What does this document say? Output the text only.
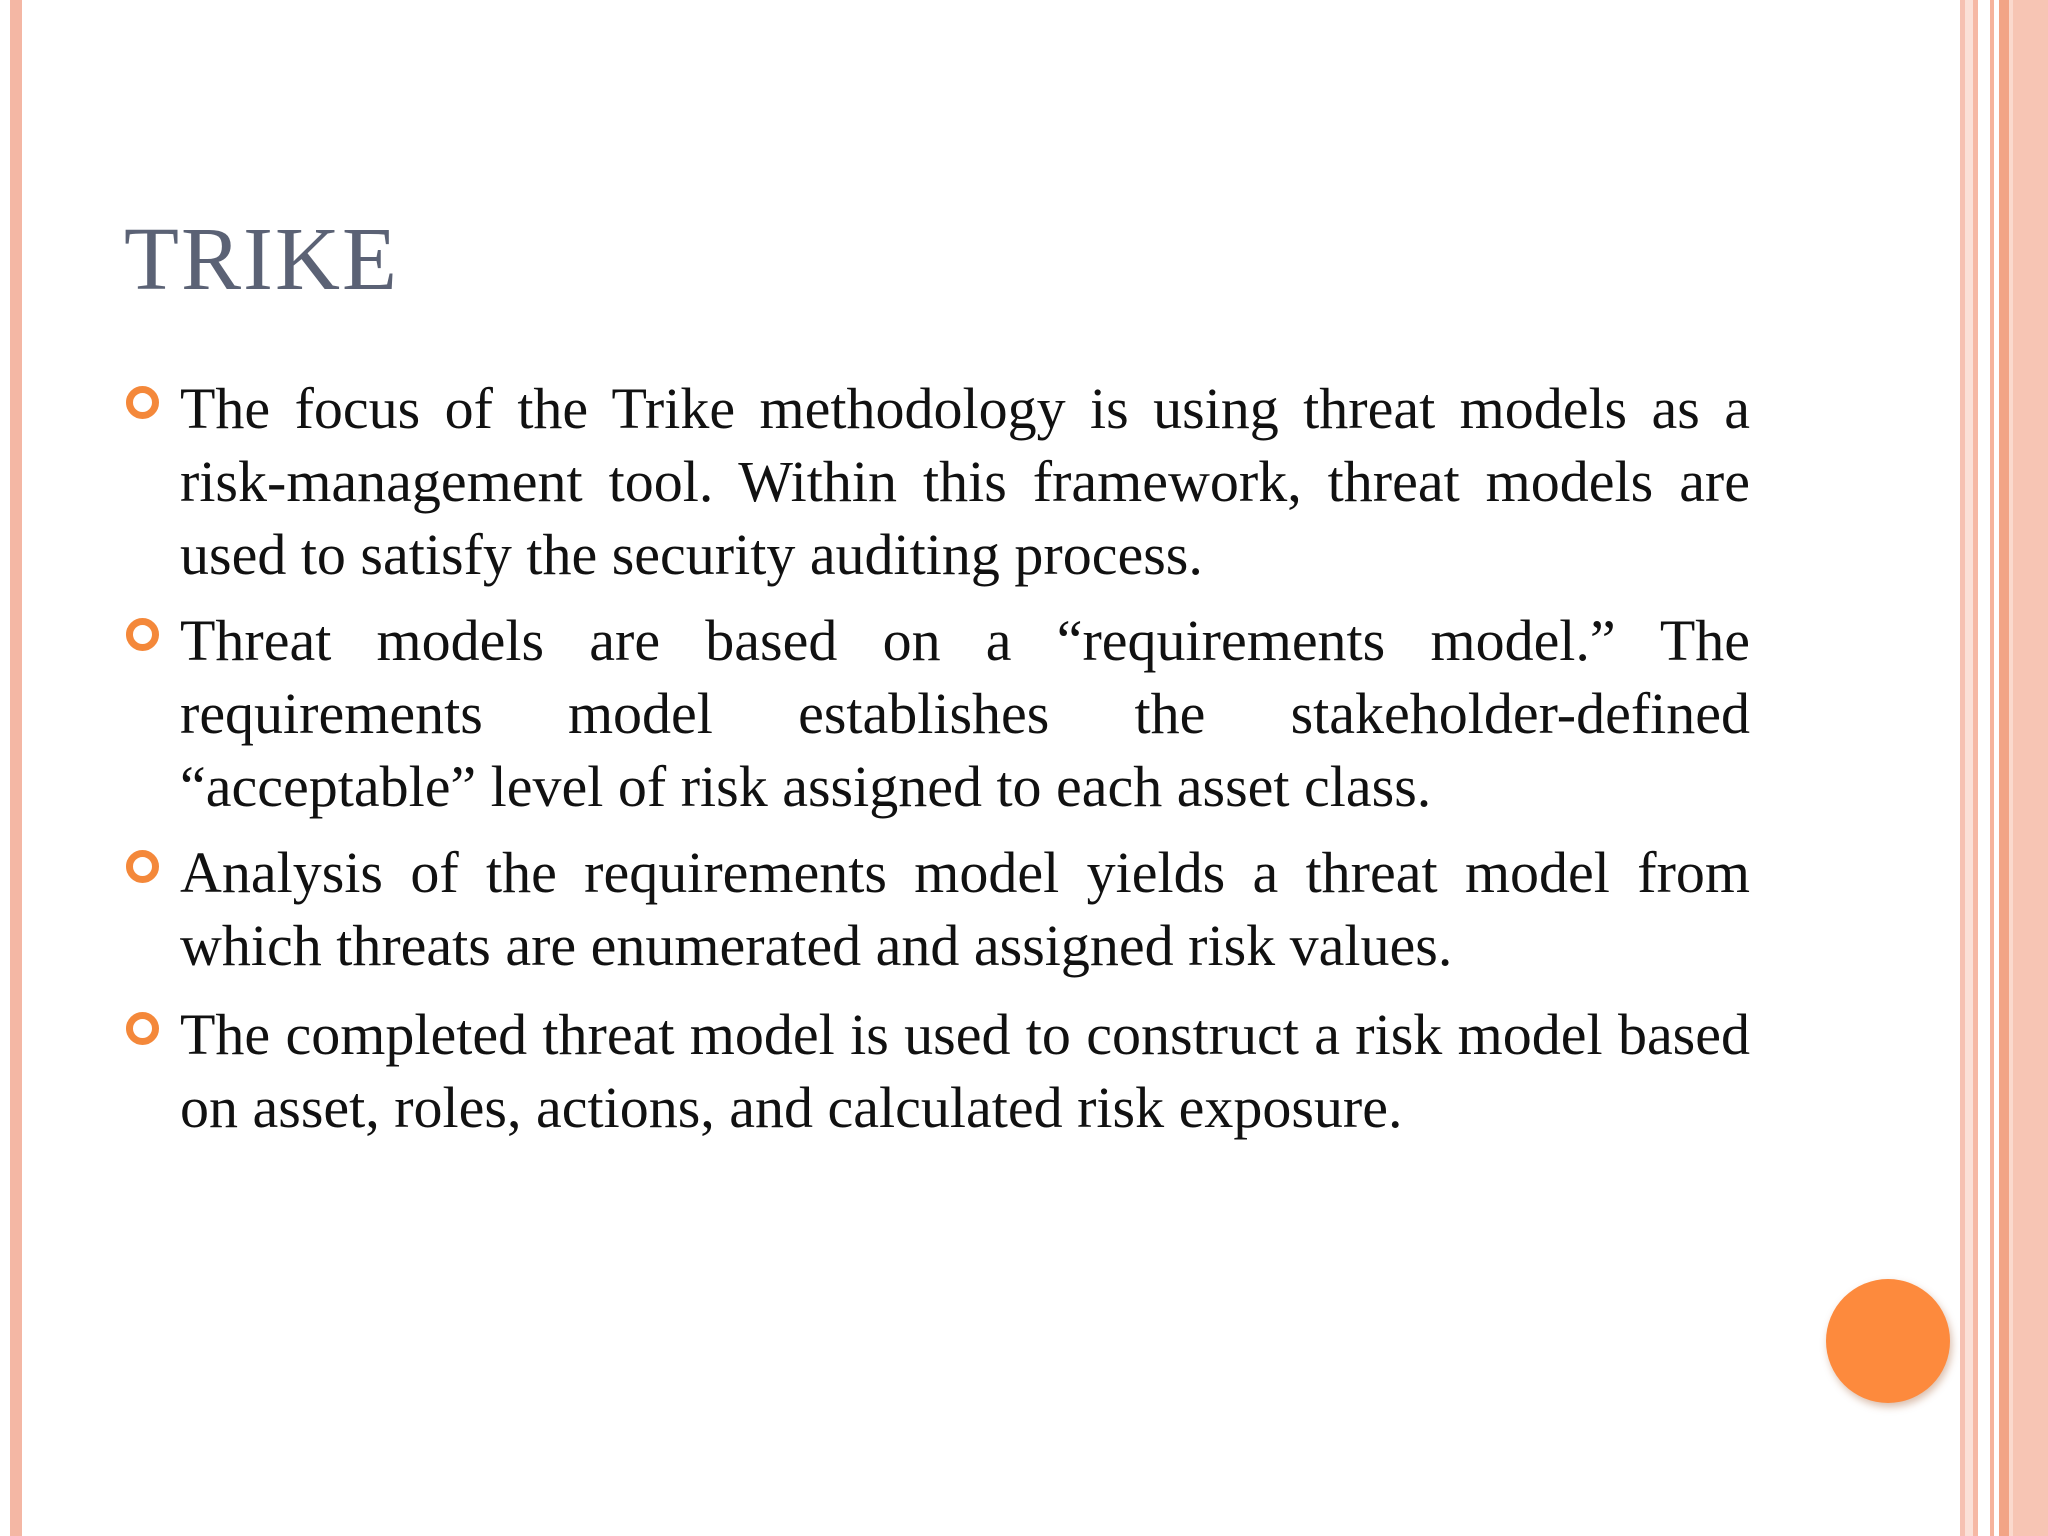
TRIKE
The focus of the Trike methodology is using threat models as a risk-management tool. Within this framework, threat models are used to satisfy the security auditing process.
Threat models are based on a “requirements model.” The requirements model establishes the stakeholder-defined “acceptable” level of risk assigned to each asset class.
Analysis of the requirements model yields a threat model from which threats are enumerated and assigned risk values.
The completed threat model is used to construct a risk model based on asset, roles, actions, and calculated risk exposure.
